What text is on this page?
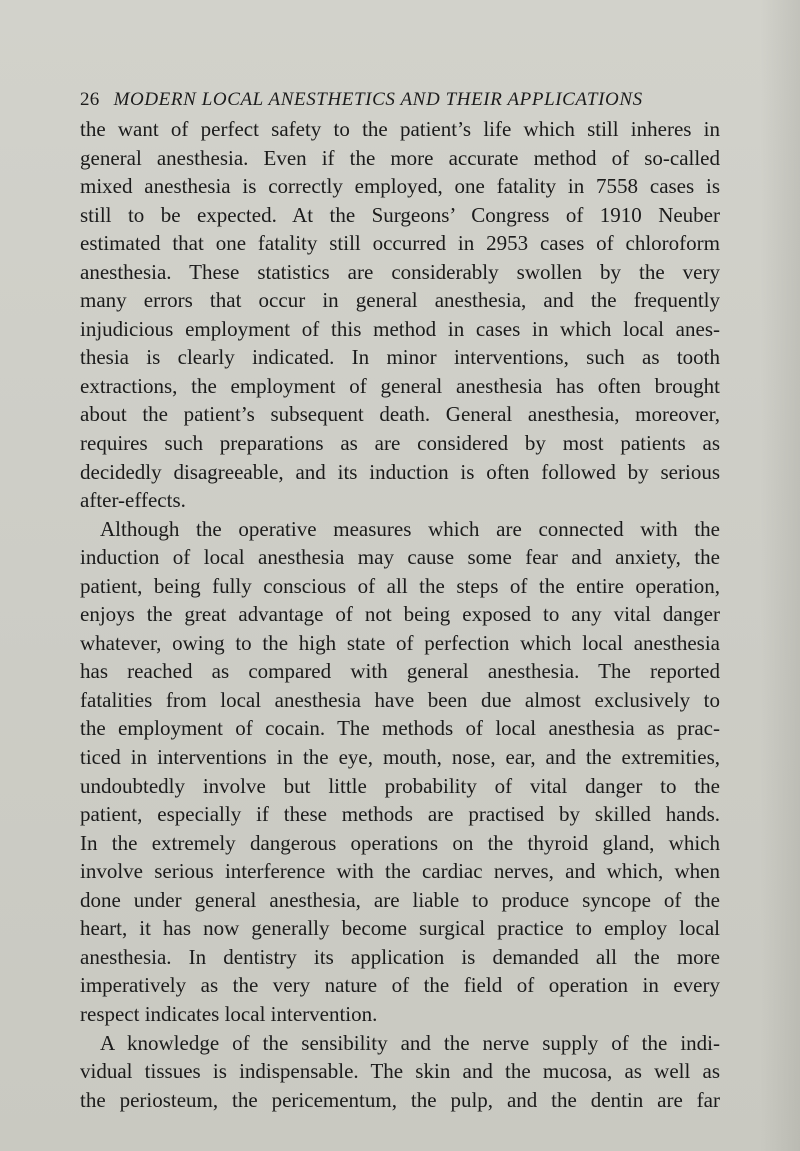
26 MODERN LOCAL ANESTHETICS AND THEIR APPLICATIONS
the want of perfect safety to the patient’s life which still inheres in
general anesthesia. Even if the more accurate method of so-called
mixed anesthesia is correctly employed, one fatality in 7558 cases is
still to be expected. At the Surgeons’ Congress of 1910 Neuber
estimated that one fatality still occurred in 2953 cases of chloroform
anesthesia. These statistics are considerably swollen by the very
many errors that occur in general anesthesia, and the frequently
injudicious employment of this method in cases in which local anes-
thesia is clearly indicated. In minor interventions, such as tooth
extractions, the employment of general anesthesia has often brought
about the patient’s subsequent death. General anesthesia, moreover,
requires such preparations as are considered by most patients as
decidedly disagreeable, and its induction is often followed by serious
after-effects.
Although the operative measures which are connected with the
induction of local anesthesia may cause some fear and anxiety, the
patient, being fully conscious of all the steps of the entire operation,
enjoys the great advantage of not being exposed to any vital danger
whatever, owing to the high state of perfection which local anesthesia
has reached as compared with general anesthesia. The reported
fatalities from local anesthesia have been due almost exclusively to
the employment of cocain. The methods of local anesthesia as prac-
ticed in interventions in the eye, mouth, nose, ear, and the extremities,
undoubtedly involve but little probability of vital danger to the
patient, especially if these methods are practised by skilled hands.
In the extremely dangerous operations on the thyroid gland, which
involve serious interference with the cardiac nerves, and which, when
done under general anesthesia, are liable to produce syncope of the
heart, it has now generally become surgical practice to employ local
anesthesia. In dentistry its application is demanded all the more
imperatively as the very nature of the field of operation in every
respect indicates local intervention.
A knowledge of the sensibility and the nerve supply of the indi-
vidual tissues is indispensable. The skin and the mucosa, as well as
the periosteum, the pericementum, the pulp, and the dentin are far
